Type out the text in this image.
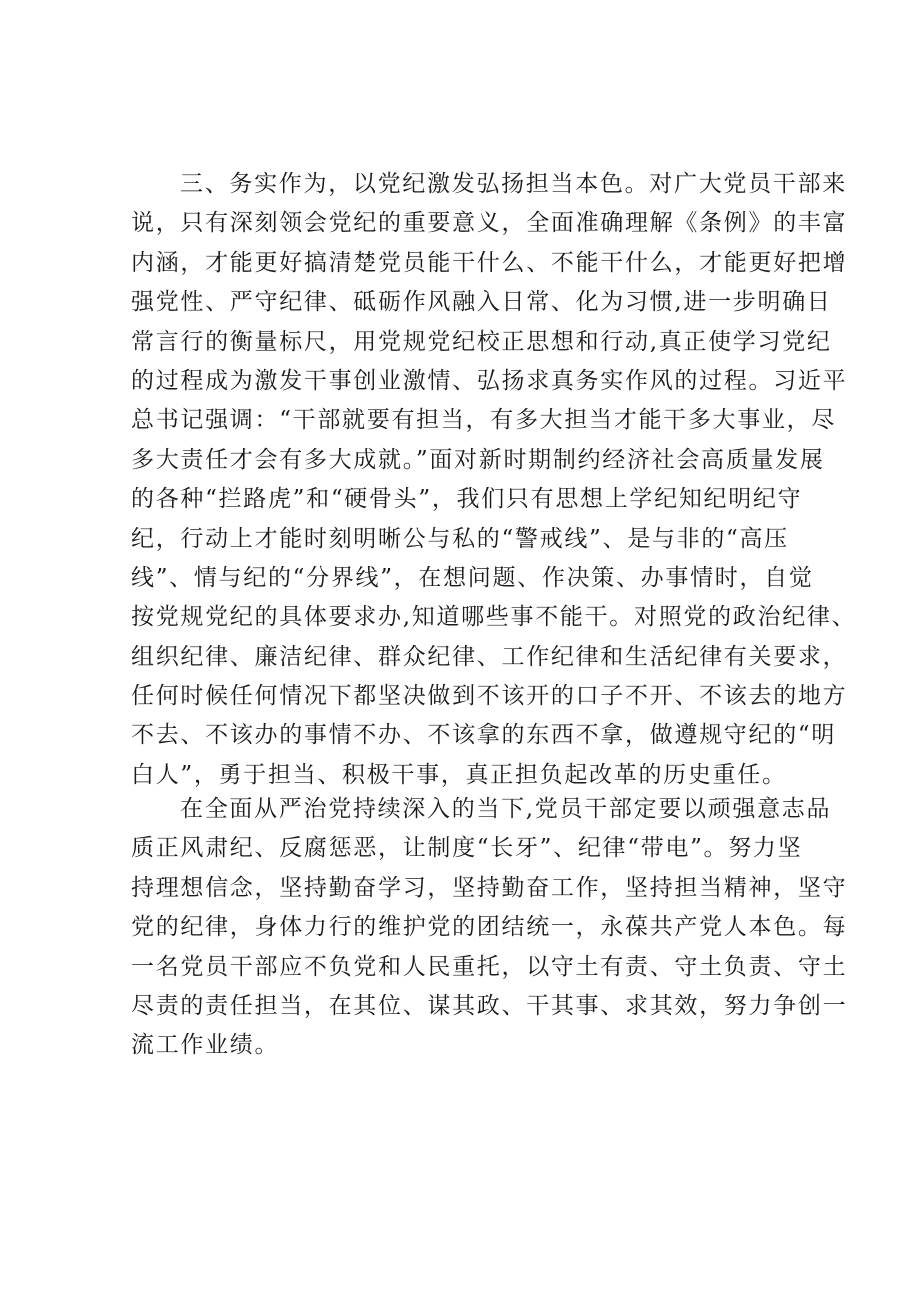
三、务实作为，以党纪激发弘扬担当本色。对广大党员干部来
说，只有深刻领会党纪的重要意义，全面准确理解《条例》的丰富
内涵，才能更好搞清楚党员能干什么、不能干什么，才能更好把增
强党性、严守纪律、砥砺作风融入日常、化为习惯,进一步明确日
常言行的衡量标尺，用党规党纪校正思想和行动,真正使学习党纪
的过程成为激发干事创业激情、弘扬求真务实作风的过程。习近平
总书记强调：“干部就要有担当，有多大担当才能干多大事业，尽
多大责任才会有多大成就。”面对新时期制约经济社会高质量发展
的各种“拦路虎”和“硬骨头”，我们只有思想上学纪知纪明纪守
纪，行动上才能时刻明晰公与私的“警戒线”、是与非的“高压
线”、情与纪的“分界线”，在想问题、作决策、办事情时，自觉
按党规党纪的具体要求办,知道哪些事不能干。对照党的政治纪律、
组织纪律、廉洁纪律、群众纪律、工作纪律和生活纪律有关要求，
任何时候任何情况下都坚决做到不该开的口子不开、不该去的地方
不去、不该办的事情不办、不该拿的东西不拿，做遵规守纪的“明
白人”，勇于担当、积极干事，真正担负起改革的历史重任。
在全面从严治党持续深入的当下,党员干部定要以顽强意志品
质正风肃纪、反腐惩恶，让制度“长牙”、纪律“带电”。努力坚
持理想信念，坚持勤奋学习，坚持勤奋工作，坚持担当精神，坚守
党的纪律，身体力行的维护党的团结统一，永葆共产党人本色。每
一名党员干部应不负党和人民重托，以守土有责、守土负责、守土
尽责的责任担当，在其位、谋其政、干其事、求其效，努力争创一
流工作业绩。
